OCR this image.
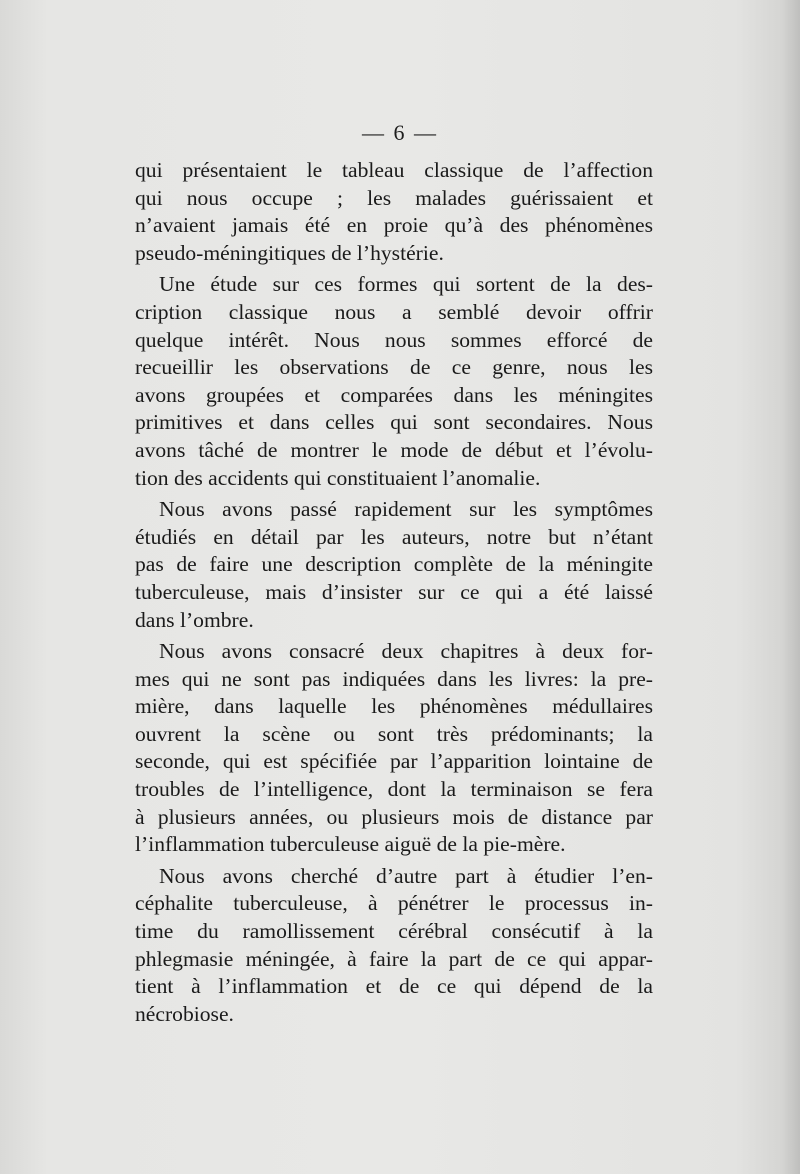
— 6 —
qui présentaient le tableau classique de l’affection
qui nous occupe ; les malades guérissaient et
n’avaient jamais été en proie qu’à des phénomènes
pseudo-méningitiques de l’hystérie.
Une étude sur ces formes qui sortent de la des-
cription classique nous a semblé devoir offrir
quelque intérêt. Nous nous sommes efforcé de
recueillir les observations de ce genre, nous les
avons groupées et comparées dans les méningites
primitives et dans celles qui sont secondaires. Nous
avons tâché de montrer le mode de début et l’évolu-
tion des accidents qui constituaient l’anomalie.
Nous avons passé rapidement sur les symptômes
étudiés en détail par les auteurs, notre but n’étant
pas de faire une description complète de la méningite
tuberculeuse, mais d’insister sur ce qui a été laissé
dans l’ombre.
Nous avons consacré deux chapitres à deux for-
mes qui ne sont pas indiquées dans les livres: la pre-
mière, dans laquelle les phénomènes médullaires
ouvrent la scène ou sont très prédominants; la
seconde, qui est spécifiée par l’apparition lointaine de
troubles de l’intelligence, dont la terminaison se fera
à plusieurs années, ou plusieurs mois de distance par
l’inflammation tuberculeuse aiguë de la pie-mère.
Nous avons cherché d’autre part à étudier l’en-
céphalite tuberculeuse, à pénétrer le processus in-
time du ramollissement cérébral consécutif à la
phlegmasie méningée, à faire la part de ce qui appar-
tient à l’inflammation et de ce qui dépend de la
nécrobiose.
